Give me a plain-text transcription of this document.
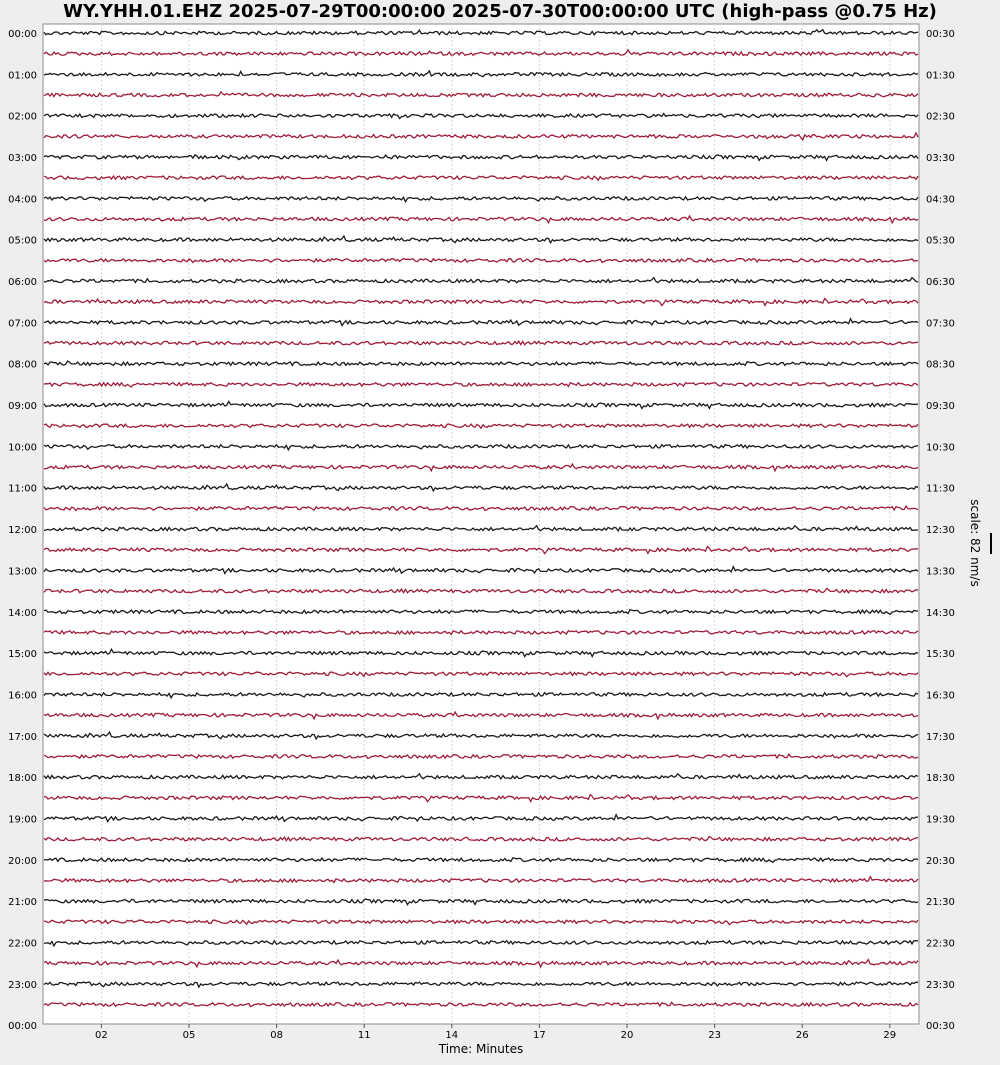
WY.YHH.01.EHZ 2025-07-29T00:00:00 2025-07-30T00:00:00 UTC (high-pass @0.75 Hz)
00:00
01:00
02:00
03:00
04:00
05:00
06:00
07:00
08:00
09:00
10:00
11:00
12:00
13:00
14:00
15:00
16:00
17:00
18:00
19:00
20:00
21:00
22:00
23:00
00:00
00:30
01:30
02:30
03:30
04:30
05:30
06:30
07:30
08:30
09:30
10:30
11:30
12:30
13:30
14:30
15:30
16:30
17:30
18:30
19:30
20:30
21:30
22:30
23:30
00:30
02	05	08	11	14	17	20	23	26	29
scale: 82 nm/s
Time: Minutes
